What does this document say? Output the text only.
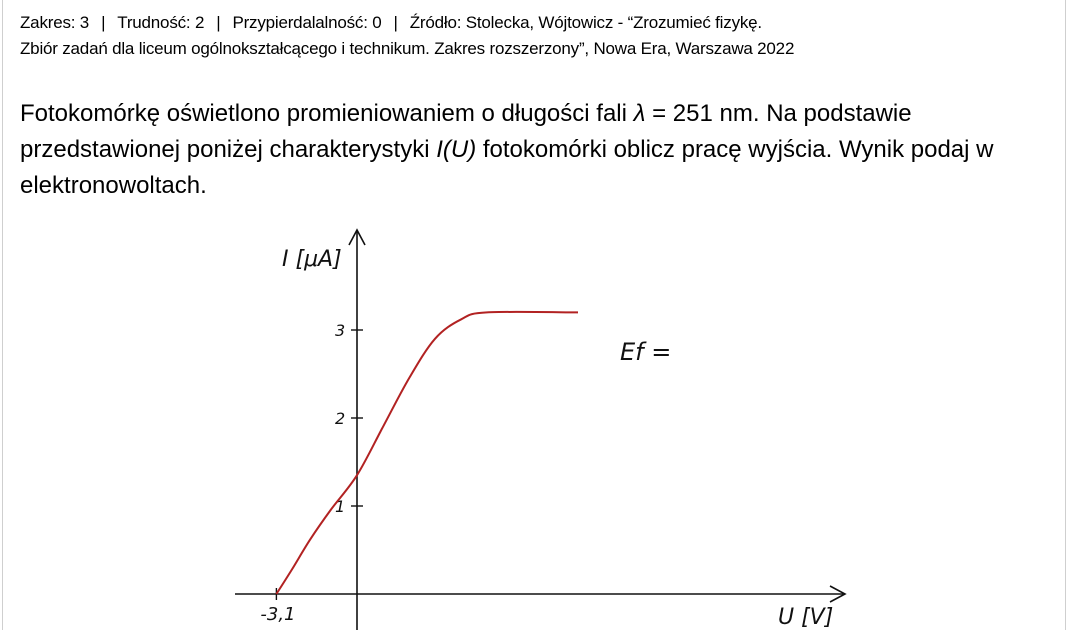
Zakres: 3 | Trudność: 2 | Przypierdalalność: 0 | Źródło: Stolecka, Wójtowicz - “Zrozumieć fizykę.
Zbiór zadań dla liceum ogólnokształcącego i technikum. Zakres rozszerzony”, Nowa Era, Warszawa 2022
Fotokomórkę oświetlono promieniowaniem o długości fali λ = 251 nm. Na podstawie przedstawionej poniżej charakterystyki I(U) fotokomórki oblicz pracę wyjścia. Wynik podaj w elektronowoltach.
1
2
3
-3,1
I [μA]
U [V]
Ef =
